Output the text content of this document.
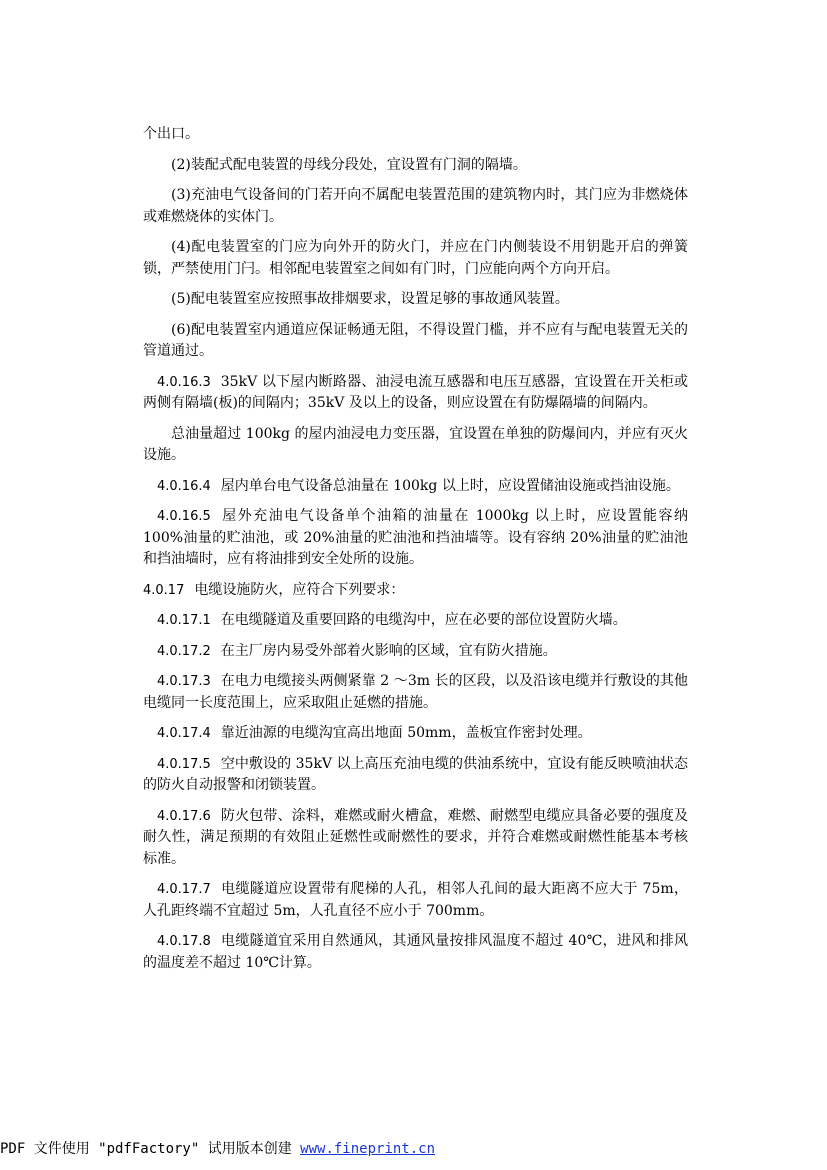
个出口。

(2)装配式配电装置的母线分段处，宜设置有门洞的隔墙。

(3)充油电气设备间的门若开向不属配电装置范围的建筑物内时，其门应为非燃烧体或难燃烧体的实体门。

(4)配电装置室的门应为向外开的防火门，并应在门内侧装设不用钥匙开启的弹簧锁，严禁使用门闩。相邻配电装置室之间如有门时，门应能向两个方向开启。

(5)配电装置室应按照事故排烟要求，设置足够的事故通风装置。

(6)配电装置室内通道应保证畅通无阻，不得设置门槛，并不应有与配电装置无关的管道通过。

4.0.16.3 35kV 以下屋内断路器、油浸电流互感器和电压互感器，宜设置在开关柜或两侧有隔墙(板)的间隔内；35kV 及以上的设备，则应设置在有防爆隔墙的间隔内。

总油量超过 100kg 的屋内油浸电力变压器，宜设置在单独的防爆间内，并应有灭火设施。

4.0.16.4 屋内单台电气设备总油量在 100kg 以上时，应设置储油设施或挡油设施。

4.0.16.5 屋外充油电气设备单个油箱的油量在 1000kg 以上时，应设置能容纳 100%油量的贮油池，或 20%油量的贮油池和挡油墙等。设有容纳 20%油量的贮油池和挡油墙时，应有将油排到安全处所的设施。

4.0.17 电缆设施防火，应符合下列要求：

4.0.17.1 在电缆隧道及重要回路的电缆沟中，应在必要的部位设置防火墙。

4.0.17.2 在主厂房内易受外部着火影响的区域，宜有防火措施。

4.0.17.3 在电力电缆接头两侧紧靠 2 ～3m 长的区段，以及沿该电缆并行敷设的其他电缆同一长度范围上，应采取阻止延燃的措施。

4.0.17.4 靠近油源的电缆沟宜高出地面 50mm，盖板宜作密封处理。

4.0.17.5 空中敷设的 35kV 以上高压充油电缆的供油系统中，宜设有能反映喷油状态的防火自动报警和闭锁装置。

4.0.17.6 防火包带、涂料，难燃或耐火槽盒，难燃、耐燃型电缆应具备必要的强度及耐久性，满足预期的有效阻止延燃性或耐燃性的要求，并符合难燃或耐燃性能基本考核标准。

4.0.17.7 电缆隧道应设置带有爬梯的人孔，相邻人孔间的最大距离不应大于 75m，人孔距终端不宜超过 5m，人孔直径不应小于 700mm。

4.0.17.8 电缆隧道宜采用自然通风，其通风量按排风温度不超过 40℃，进风和排风的温度差不超过 10℃计算。

PDF 文件使用 "pdfFactory" 试用版本创建 www.fineprint.cn
